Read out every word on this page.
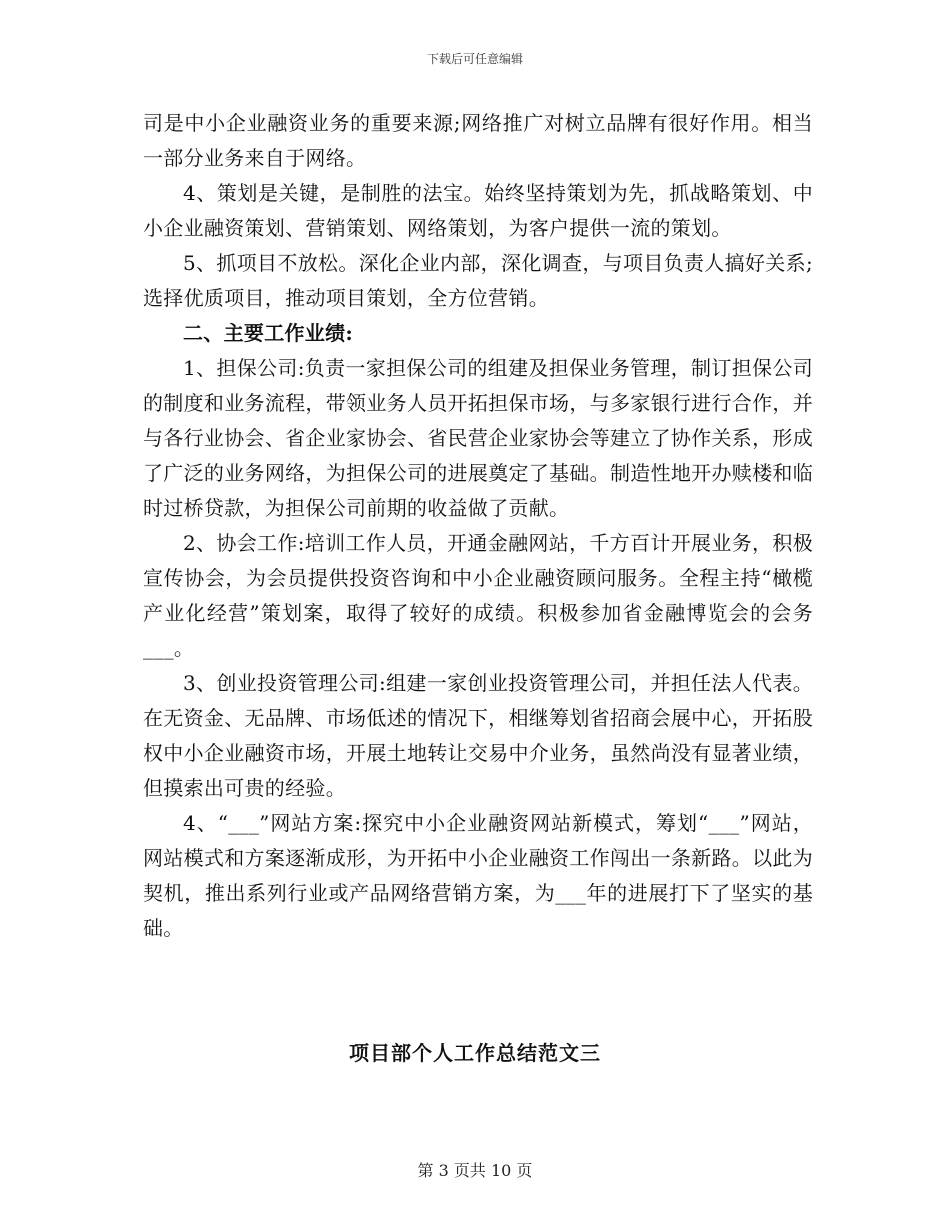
下载后可任意编辑

司是中小企业融资业务的重要来源;网络推广对树立品牌有很好作用。相当一部分业务来自于网络。

4、策划是关键，是制胜的法宝。始终坚持策划为先，抓战略策划、中小企业融资策划、营销策划、网络策划，为客户提供一流的策划。

5、抓项目不放松。深化企业内部，深化调查，与项目负责人搞好关系;选择优质项目，推动项目策划，全方位营销。

二、主要工作业绩:

1、担保公司:负责一家担保公司的组建及担保业务管理，制订担保公司的制度和业务流程，带领业务人员开拓担保市场，与多家银行进行合作，并与各行业协会、省企业家协会、省民营企业家协会等建立了协作关系，形成了广泛的业务网络，为担保公司的进展奠定了基础。制造性地开办赎楼和临时过桥贷款，为担保公司前期的收益做了贡献。

2、协会工作:培训工作人员，开通金融网站，千方百计开展业务，积极宣传协会，为会员提供投资咨询和中小企业融资顾问服务。全程主持“橄榄产业化经营”策划案，取得了较好的成绩。积极参加省金融博览会的会务___。

3、创业投资管理公司:组建一家创业投资管理公司，并担任法人代表。在无资金、无品牌、市场低述的情况下，相继筹划省招商会展中心，开拓股权中小企业融资市场，开展土地转让交易中介业务，虽然尚没有显著业绩，但摸索出可贵的经验。

4、“___”网站方案:探究中小企业融资网站新模式，筹划“___”网站，网站模式和方案逐渐成形，为开拓中小企业融资工作闯出一条新路。以此为契机，推出系列行业或产品网络营销方案，为___年的进展打下了坚实的基础。

项目部个人工作总结范文三
第 3 页共 10 页
